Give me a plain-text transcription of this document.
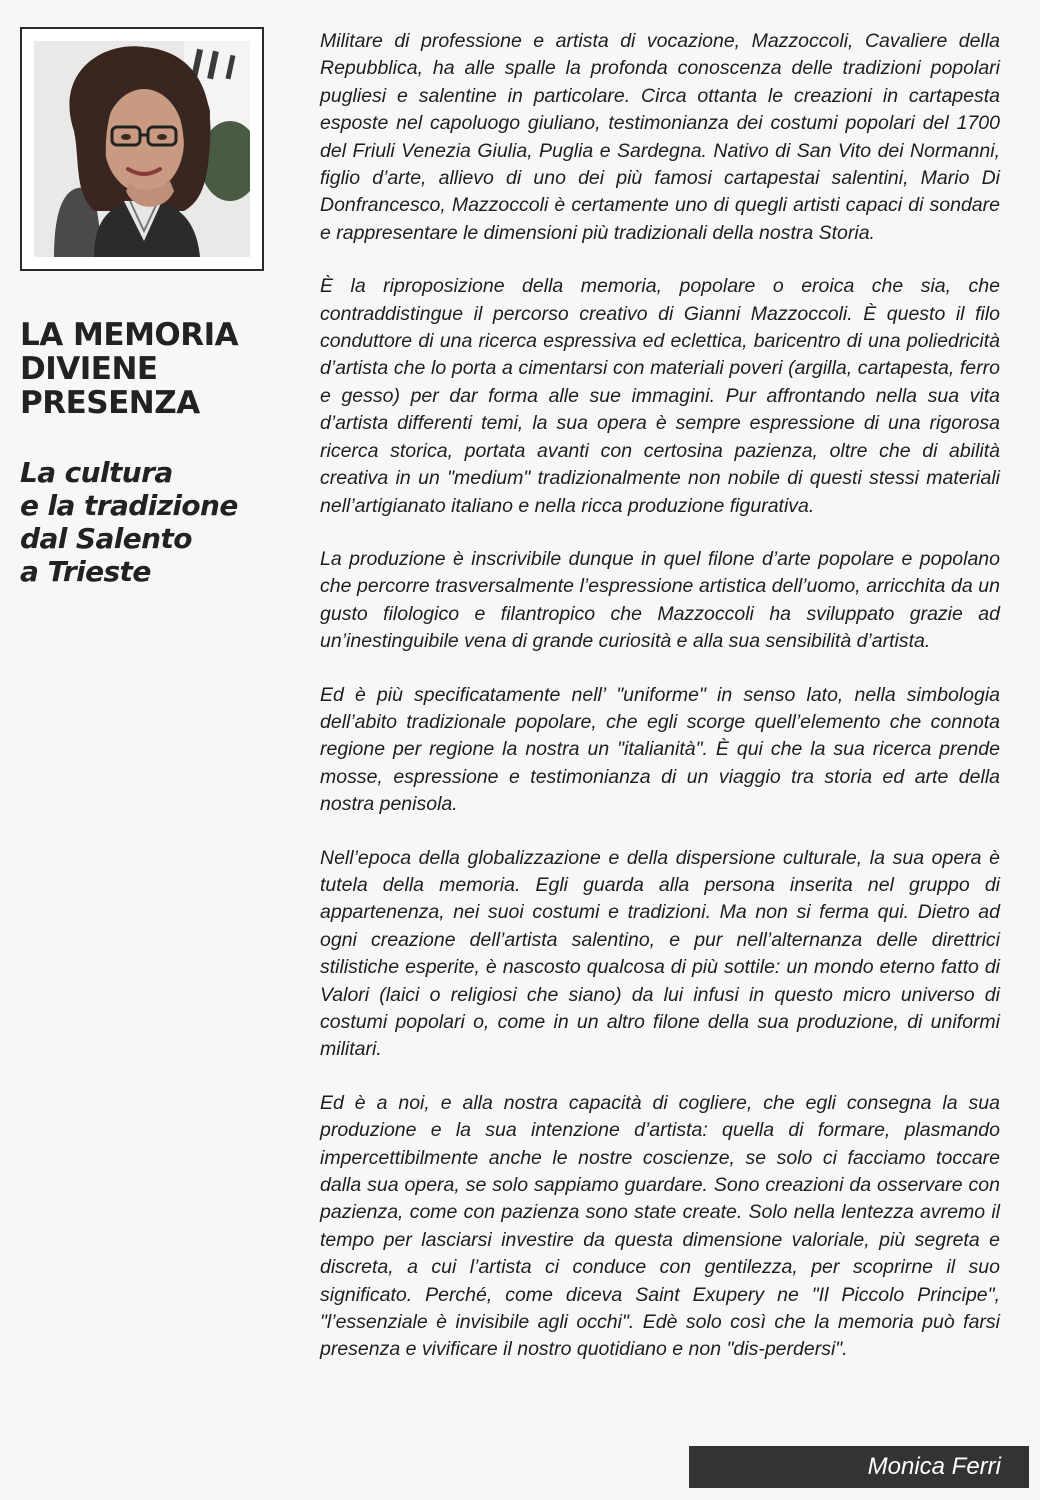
LA MEMORIA
DIVIENE
PRESENZA
La cultura
e la tradizione
dal Salento
a Trieste

Militare di professione e artista di vocazione, Mazzoccoli, Cavaliere della Repubblica, ha alle spalle la profonda conoscenza delle tradizioni popolari pugliesi e salentine in particolare. Circa ottanta le creazioni in cartapesta esposte nel capoluogo giuliano, testimonianza dei costumi popolari del 1700 del Friuli Venezia Giulia, Puglia e Sardegna. Nativo di San Vito dei Normanni, figlio d’arte, allievo di uno dei più famosi cartapestai salentini, Mario Di Donfrancesco, Mazzoccoli è certamente uno di quegli artisti capaci di sondare e rappresentare le dimensioni più tradizionali della nostra Storia.

È la riproposizione della memoria, popolare o eroica che sia, che contraddistingue il percorso creativo di Gianni Mazzoccoli. È questo il filo conduttore di una ricerca espressiva ed eclettica, baricentro di una poliedricità d’artista che lo porta a cimentarsi con materiali poveri (argilla, cartapesta, ferro e gesso) per dar forma alle sue immagini. Pur affrontando nella sua vita d’artista differenti temi, la sua opera è sempre espressione di una rigorosa ricerca storica, portata avanti con certosina pazienza, oltre che di abilità creativa in un "medium" tradizionalmente non nobile di questi stessi materiali nell’artigianato italiano e nella ricca produzione figurativa.

La produzione è inscrivibile dunque in quel filone d’arte popolare e popolano che percorre trasversalmente l’espressione artistica dell’uomo, arricchita da un gusto filologico e filantropico che Mazzoccoli ha sviluppato grazie ad un’inestinguibile vena di grande curiosità e alla sua sensibilità d’artista.

Ed è più specificatamente nell’ "uniforme" in senso lato, nella simbologia dell’abito tradizionale popolare, che egli scorge quell’elemento che connota regione per regione la nostra un "italianità". È qui che la sua ricerca prende mosse, espressione e testimonianza di un viaggio tra storia ed arte della nostra penisola.

Nell’epoca della globalizzazione e della dispersione culturale, la sua opera è tutela della memoria. Egli guarda alla persona inserita nel gruppo di appartenenza, nei suoi costumi e tradizioni. Ma non si ferma qui. Dietro ad ogni creazione dell’artista salentino, e pur nell’alternanza delle direttrici stilistiche esperite, è nascosto qualcosa di più sottile: un mondo eterno fatto di Valori (laici o religiosi che siano) da lui infusi in questo micro universo di costumi popolari o, come in un altro filone della sua produzione, di uniformi militari.

Ed è a noi, e alla nostra capacità di cogliere, che egli consegna la sua produzione e la sua intenzione d’artista: quella di formare, plasmando impercettibilmente anche le nostre coscienze, se solo ci facciamo toccare dalla sua opera, se solo sappiamo guardare. Sono creazioni da osservare con pazienza, come con pazienza sono state create. Solo nella lentezza avremo il tempo per lasciarsi investire da questa dimensione valoriale, più segreta e discreta, a cui l’artista ci conduce con gentilezza, per scoprirne il suo significato. Perché, come diceva Saint Exupery ne "Il Piccolo Principe", "l’essenziale è invisibile agli occhi". Edè solo così che la memoria può farsi presenza e vivificare il nostro quotidiano e non "dis-perdersi".

Monica Ferri
